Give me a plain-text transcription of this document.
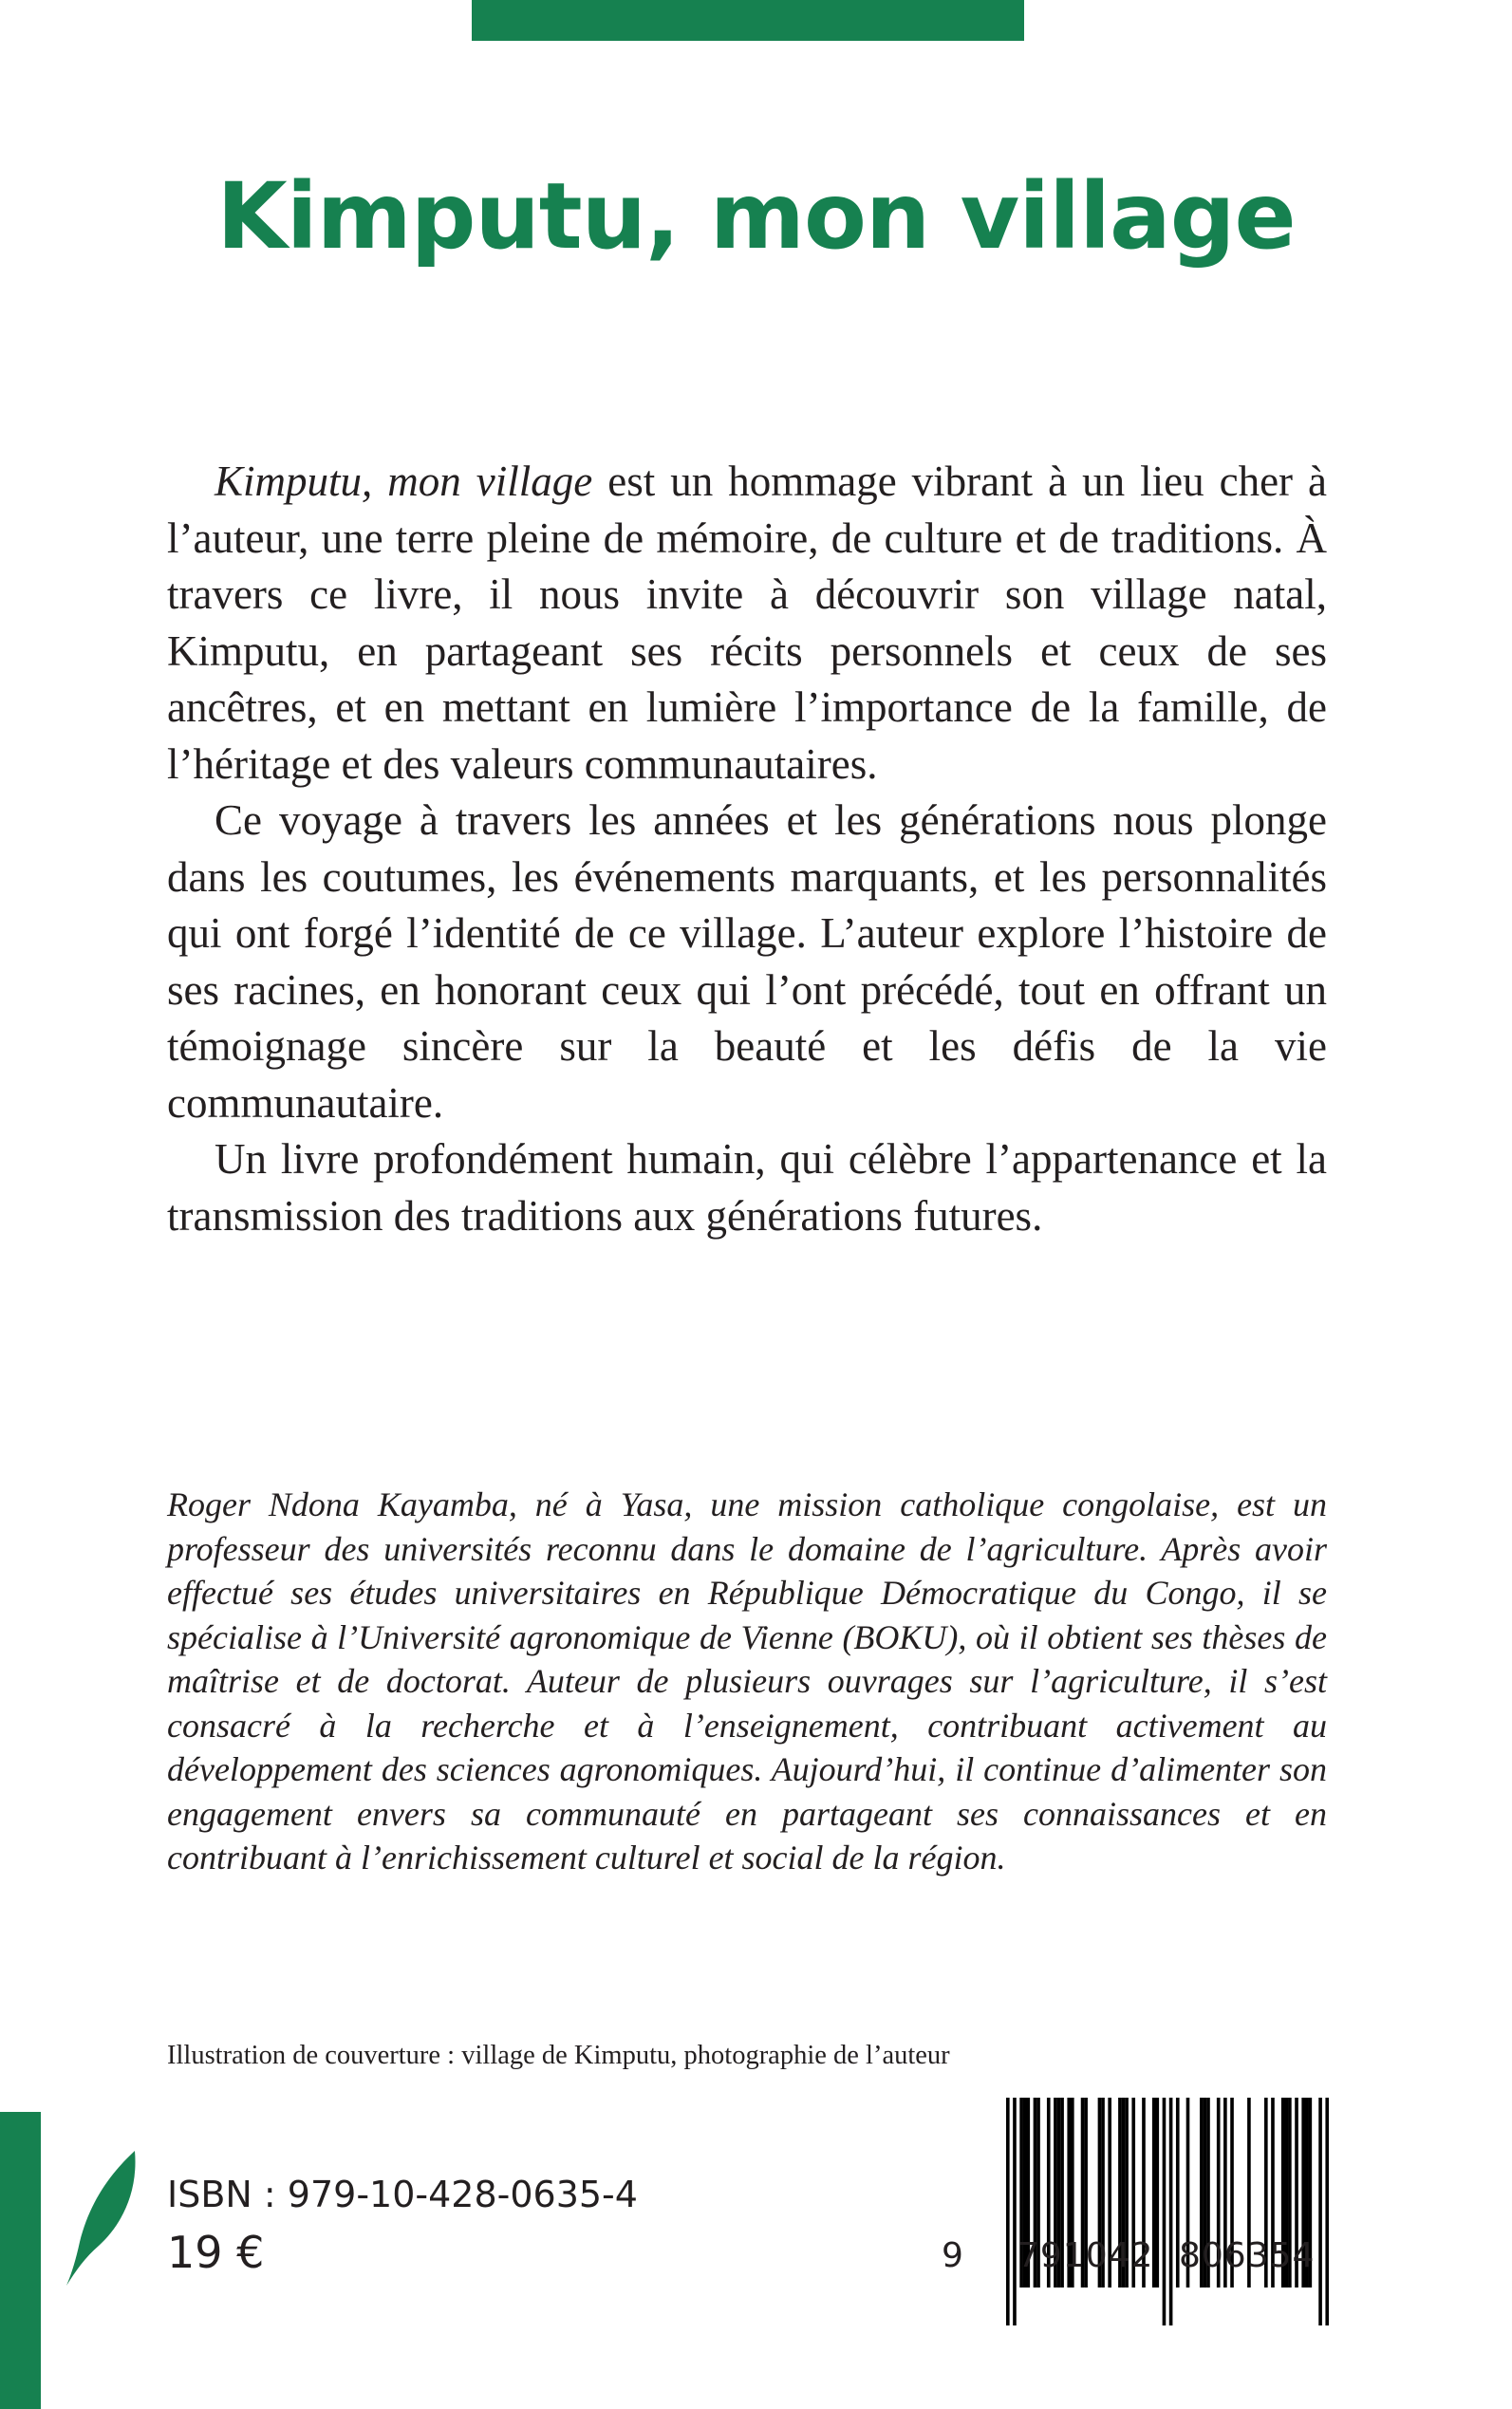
Kimputu, mon village

Kimputu, mon village est un hommage vibrant à un lieu cher à l’auteur, une terre pleine de mémoire, de culture et de traditions. À travers ce livre, il nous invite à découvrir son village natal, Kimputu, en partageant ses récits personnels et ceux de ses ancêtres, et en mettant en lumière l’importance de la famille, de l’héritage et des valeurs communautaires.

Ce voyage à travers les années et les générations nous plonge dans les coutumes, les événements marquants, et les personnalités qui ont forgé l’identité de ce village. L’auteur explore l’histoire de ses racines, en honorant ceux qui l’ont précédé, tout en offrant un témoignage sincère sur la beauté et les défis de la vie communautaire.

Un livre profondément humain, qui célèbre l’appartenance et la transmission des traditions aux générations futures.

Roger Ndona Kayamba, né à Yasa, une mission catholique congolaise, est un professeur des universités reconnu dans le domaine de l’agriculture. Après avoir effectué ses études universitaires en République Démocratique du Congo, il se spécialise à l’Université agronomique de Vienne (BOKU), où il obtient ses thèses de maîtrise et de doctorat. Auteur de plusieurs ouvrages sur l’agriculture, il s’est consacré à la recherche et à l’enseignement, contribuant activement au développement des sciences agronomiques. Aujourd’hui, il continue d’alimenter son engagement envers sa communauté en partageant ses connaissances et en contribuant à l’enrichissement culturel et social de la région.

Illustration de couverture : village de Kimputu, photographie de l’auteur

ISBN : 979-10-428-0635-4

19 €	9 791042 806354
